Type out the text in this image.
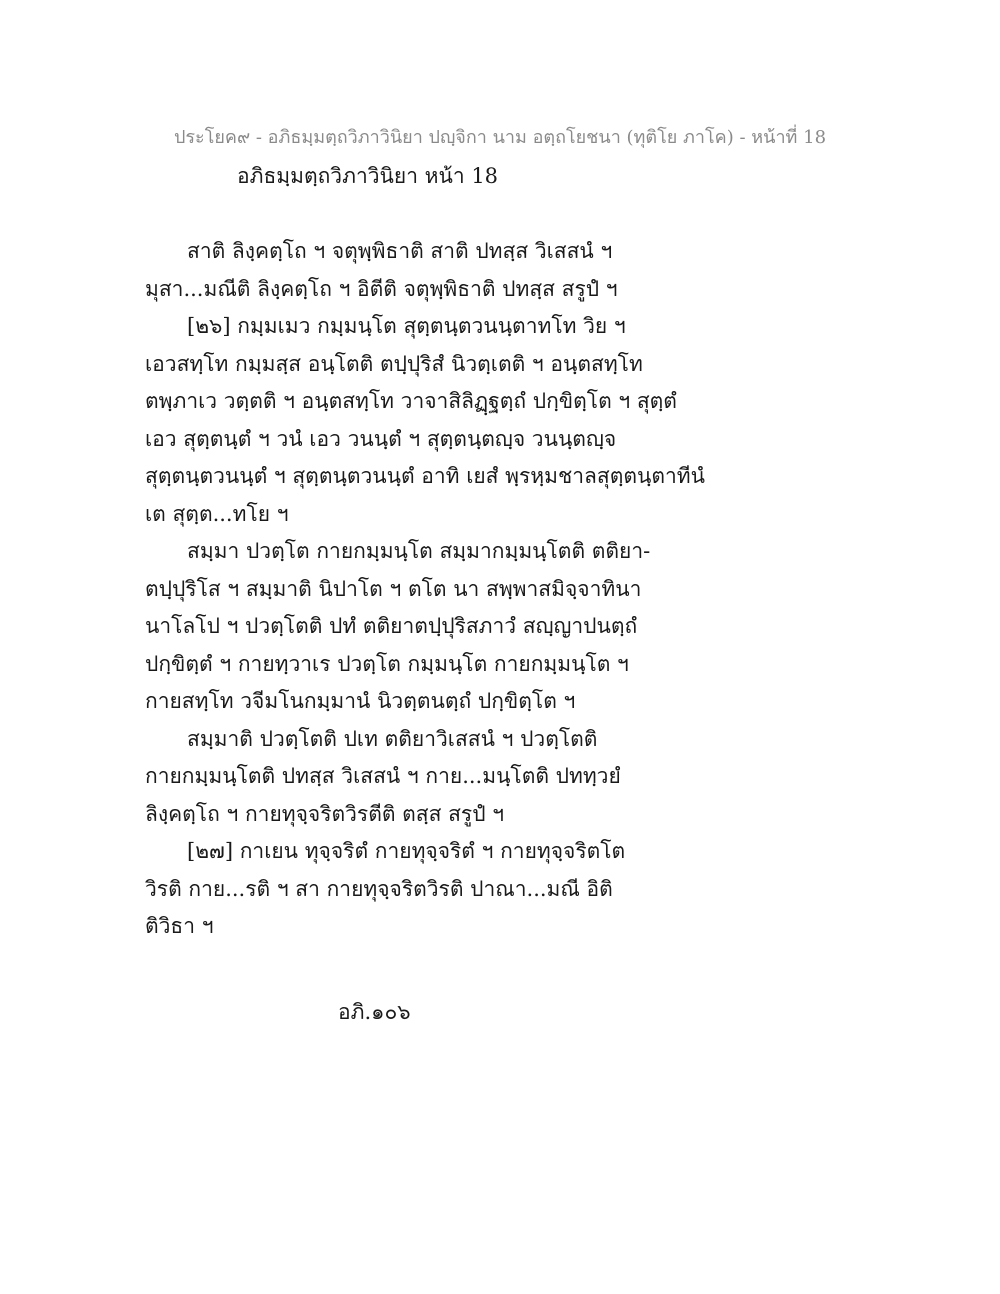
ประโยค๙ - อภิธมฺมตฺถวิภาวินิยา ปญฺจิกา นาม อตฺถโยชนา (ทุติโย ภาโค) - หน้าที่ 18
อภิธมฺมตฺถวิภาวินิยา หน้า 18
สาติ ลิงฺคตฺโถ ฯ จตุพฺพิธาติ สาติ ปทสฺส วิเสสนํ ฯ
มุสา...มณีติ ลิงฺคตฺโถ ฯ อิตีติ จตุพฺพิธาติ ปทสฺส สรูปํ ฯ
[๒๖] กมฺมเมว กมฺมนฺโต สุตฺตนฺตวนนฺตาทโท วิย ฯ
เอวสทฺโท กมฺมสฺส อนฺโตติ ตปฺปุริสํ นิวตฺเตติ ฯ อนฺตสทฺโท
ตพฺภาเว วตฺตติ ฯ อนฺตสทฺโท วาจาสิลิฏฺฐตฺถํ ปกฺขิตฺโต ฯ สุตฺตํ
เอว สุตฺตนฺตํ ฯ วนํ เอว วนนฺตํ ฯ สุตฺตนฺตญฺจ วนนฺตญฺจ
สุตฺตนฺตวนนฺตํ ฯ สุตฺตนฺตวนนฺตํ อาทิ เยสํ พฺรหฺมชาลสุตฺตนฺตาทีนํ
เต สุตฺต...ทโย ฯ
สมฺมา ปวตฺโต กายกมฺมนฺโต สมฺมากมฺมนฺโตติ ตติยา-
ตปฺปุริโส ฯ สมฺมาติ นิปาโต ฯ ตโต นา สพฺพาสมิจฺจาทินา
นาโลโป ฯ ปวตฺโตติ ปทํ ตติยาตปฺปุริสภาวํ สญฺญาปนตฺถํ
ปกฺขิตฺตํ ฯ กายทฺวาเร ปวตฺโต กมฺมนฺโต กายกมฺมนฺโต ฯ
กายสทฺโท วจีมโนกมฺมานํ นิวตฺตนตฺถํ ปกฺขิตฺโต ฯ
สมฺมาติ ปวตฺโตติ ปเท ตติยาวิเสสนํ ฯ ปวตฺโตติ
กายกมฺมนฺโตติ ปทสฺส วิเสสนํ ฯ กาย...มนฺโตติ ปททฺวยํ
ลิงฺคตฺโถ ฯ กายทุจฺจริตวิรตีติ ตสฺส สรูปํ ฯ
[๒๗] กาเยน ทุจฺจริตํ กายทุจฺจริตํ ฯ กายทุจฺจริตโต
วิรติ กาย...รติ ฯ สา กายทุจฺจริตวิรติ ปาณา...มณี อิติ
ติวิธา ฯ
อภิ.๑๐๖
